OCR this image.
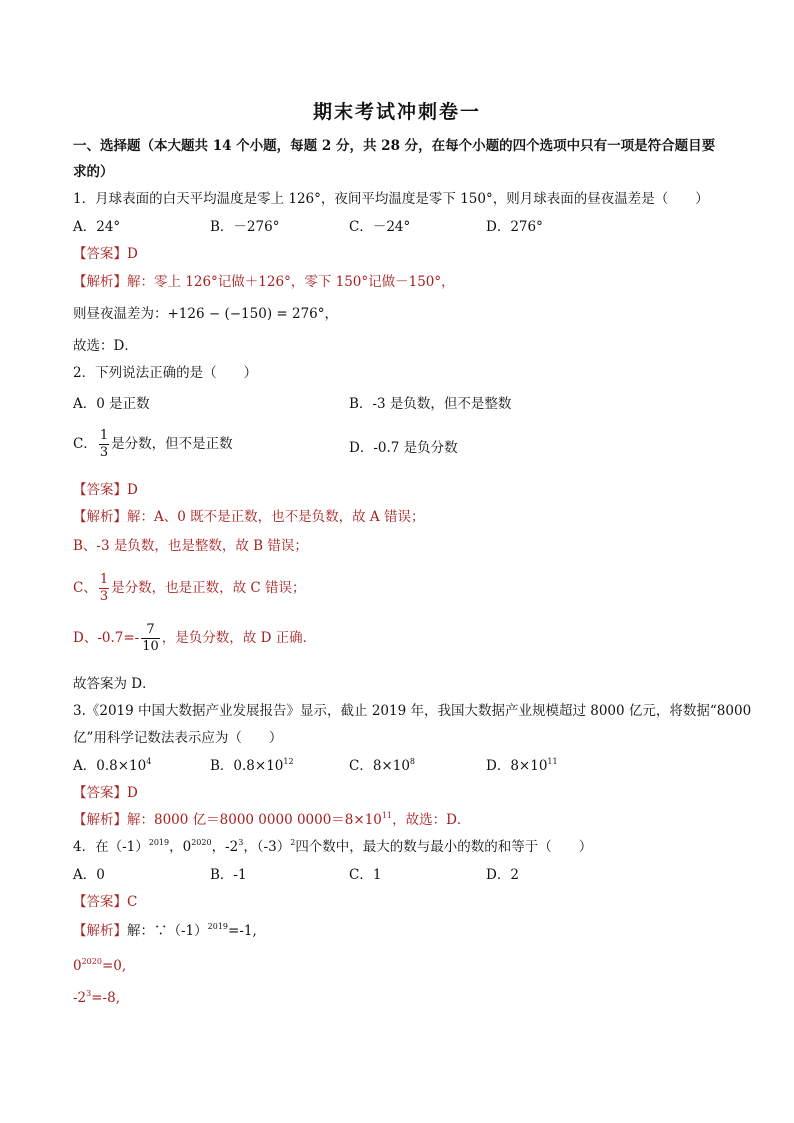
期末考试冲刺卷一
一、选择题（本大题共 14 个小题，每题 2 分，共 28 分，在每个小题的四个选项中只有一项是符合题目要
求的）
1．月球表面的白天平均温度是零上 126°，夜间平均温度是零下 150°，则月球表面的昼夜温差是（　　）
A．24°	B．－276°	C．－24°	D．276°
【答案】D
【解析】解：零上 126°记做＋126°，零下 150°记做－150°，
则昼夜温差为：+126 − (−150) = 276°，
故选：D．
2．下列说法正确的是（　　）
A．0 是正数	B．-3 是负数，但不是整数
C． $\frac{1}{3}$ 是分数，但不是正数	D．-0.7 是负分数
【答案】D
【解析】解：A、0 既不是正数，也不是负数，故 A 错误；
B、-3 是负数，也是整数，故 B 错误；
C、 $\frac{1}{3}$ 是分数，也是正数，故 C 错误；
D、$-0.7=- \frac{7}{10}$ ，是负分数，故 D 正确．
故答案为 D．
3.《2019 中国大数据产业发展报告》显示，截止 2019 年，我国大数据产业规模超过 8000 亿元，将数据“8000
亿”用科学记数法表示应为（　　）
A．$0.8\times 10^4$	B．$0.8\times 10^{12}$	C．$8\times 10^8$	D．$8\times 10^{11}$
【答案】D
【解析】解：8000 亿＝8000 0000 $0000=8\times 10^{11}$，故选：D．
4．在$(-1)^{2019}$，$0^{2020}$，$-2^3$，$(-3)^2$四个数中，最大的数与最小的数的和等于（　　）
A．0	B．-1	C．1	D．2
【答案】C
【解析】解：$\because(-1)^{2019}=-1$,
$0^{2020}=0$,
$-2^3=-8$,
